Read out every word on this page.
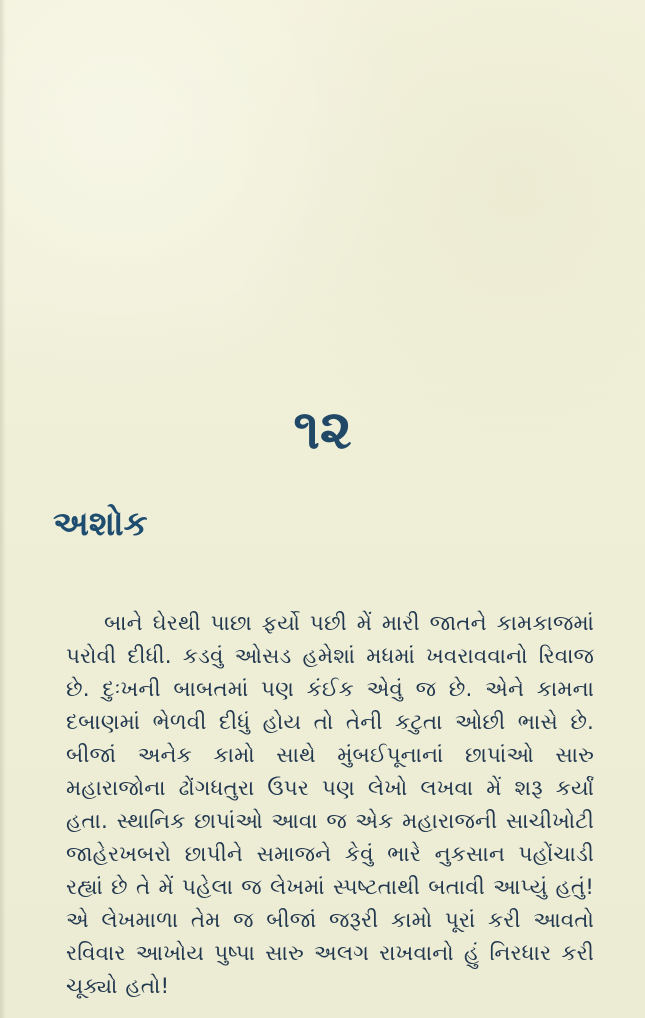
૧૨
અશોક

બાને ઘેરથી પાછા ફર્યો પછી મેં મારી જાતને કામકાજમાં પરોવી દીધી. કડવું ઓસડ હમેશાં મધમાં ખવરાવવાનો રિવાજ છે. દુઃખની બાબતમાં પણ કંઈક એવું જ છે. એને કામના દબાણમાં ભેળવી દીધું હોય તો તેની કટુતા ઓછી ભાસે છે. બીજાં અનેક કામો સાથે મુંબઈપૂનાનાં છાપાંઓ સારુ મહારાજોના ઢોંગધતુરા ઉપર પણ લેખો લખવા મેં શરૂ કર્યાં હતા. સ્થાનિક છાપાંઓ આવા જ એક મહારાજની સાચીખોટી જાહેરખબરો છાપીને સમાજને કેવું ભારે નુકસાન પહોંચાડી રહ્યાં છે તે મેં પહેલા જ લેખમાં સ્પષ્ટતાથી બતાવી આપ્યું હતું! એ લેખમાળા તેમ જ બીજાં જરૂરી કામો પૂરાં કરી આવતો રવિવાર આખોય પુષ્પા સારુ અલગ રાખવાનો હું નિરધાર કરી ચૂક્યો હતો!
